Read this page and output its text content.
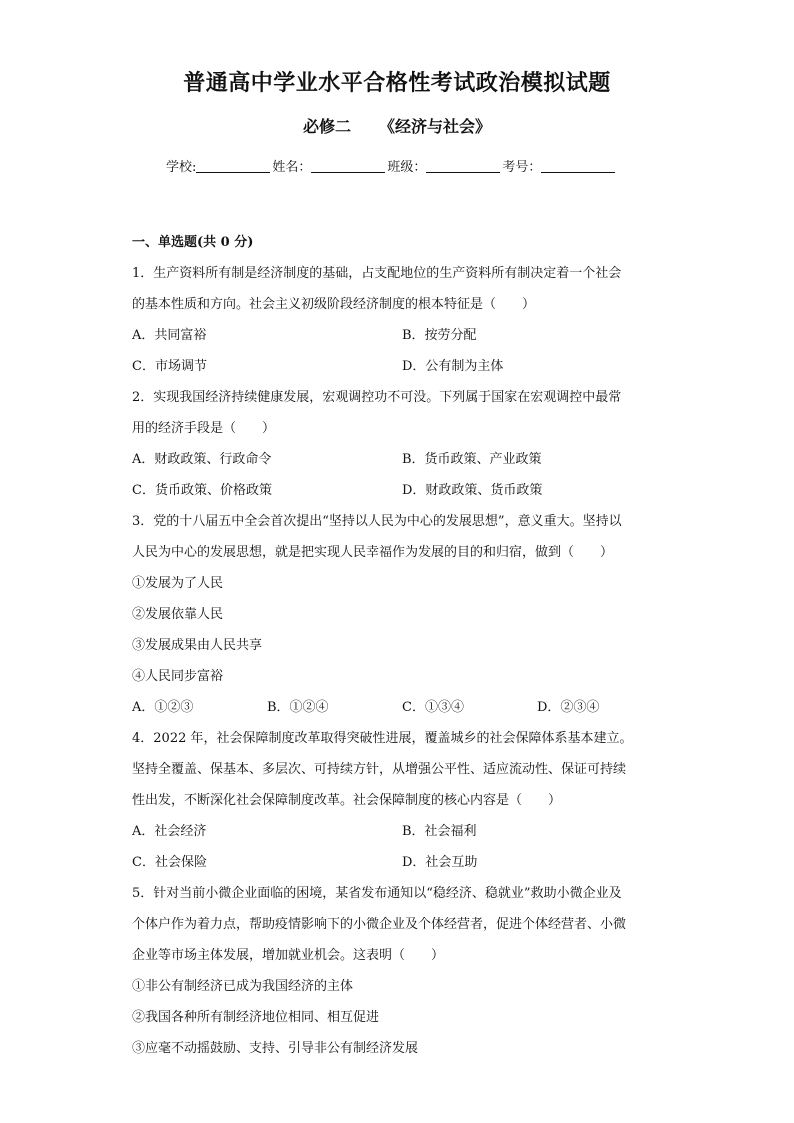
普通高中学业水平合格性考试政治模拟试题
必修二 《经济与社会》
学校:	姓名：	班级：	考号：
一、单选题(共 0 分)
1．生产资料所有制是经济制度的基础，占支配地位的生产资料所有制决定着一个社会
的基本性质和方向。社会主义初级阶段经济制度的根本特征是（　　）
A．共同富裕	B．按劳分配
C．市场调节	D．公有制为主体
2．实现我国经济持续健康发展，宏观调控功不可没。下列属于国家在宏观调控中最常
用的经济手段是（　　）
A．财政政策、行政命令	B．货币政策、产业政策
C．货币政策、价格政策	D．财政政策、货币政策
3．党的十八届五中全会首次提出“坚持以人民为中心的发展思想”，意义重大。坚持以
人民为中心的发展思想，就是把实现人民幸福作为发展的目的和归宿，做到（　　）
①发展为了人民
②发展依靠人民
③发展成果由人民共享
④人民同步富裕
A．①②③	B．①②④	C．①③④	D．②③④
4．2022 年，社会保障制度改革取得突破性进展，覆盖城乡的社会保障体系基本建立。
坚持全覆盖、保基本、多层次、可持续方针，从增强公平性、适应流动性、保证可持续
性出发，不断深化社会保障制度改革。社会保障制度的核心内容是（　　）
A．社会经济	B．社会福利
C．社会保险	D．社会互助
5．针对当前小微企业面临的困境，某省发布通知以“稳经济、稳就业”救助小微企业及
个体户作为着力点，帮助疫情影响下的小微企业及个体经营者，促进个体经营者、小微
企业等市场主体发展，增加就业机会。这表明（　　）
①非公有制经济已成为我国经济的主体
②我国各种所有制经济地位相同、相互促进
③应毫不动摇鼓励、支持、引导非公有制经济发展
